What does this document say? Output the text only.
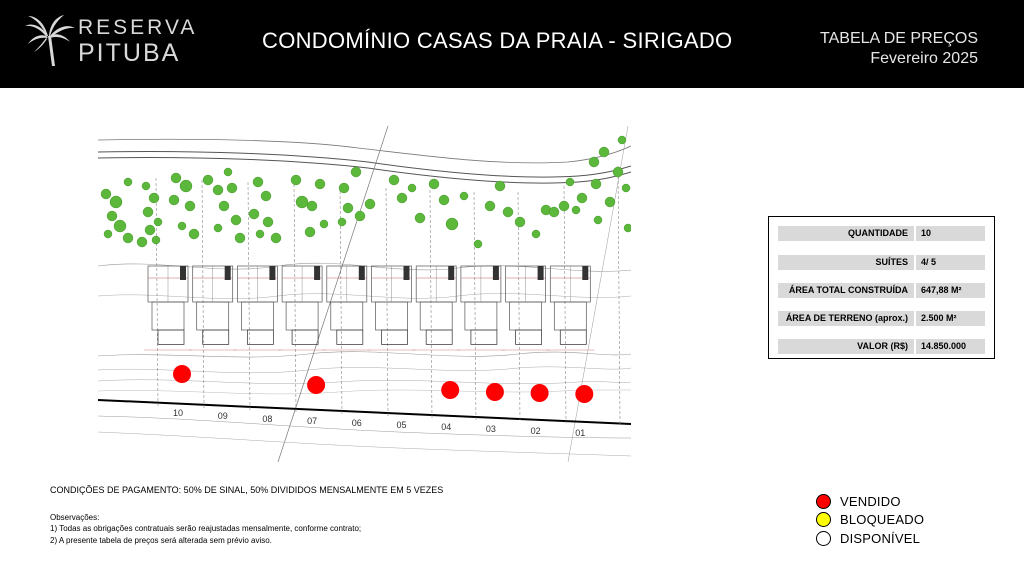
RESERVA
PITUBA	CONDOMÍNIO CASAS DA PRAIA - SIRIGADO	TABELA DE PREÇOS
Fevereiro 2025
10	09	08	07	06	05	04	03	02	01
QUANTIDADE	10
SUÍTES	4/ 5
ÁREA TOTAL CONSTRUÍDA	647,88 M²
ÁREA DE TERRENO (aprox.)	2.500 M²
VALOR (R$)	14.850.000
CONDIÇÕES DE PAGAMENTO: 50% DE SINAL, 50% DIVIDIDOS MENSALMENTE EM 5 VEZES
Observações:
1) Todas as obrigações contratuais serão reajustadas mensalmente, conforme contrato;
2) A presente tabela de preços será alterada sem prévio aviso.
VENDIDO
BLOQUEADO
DISPONÍVEL
